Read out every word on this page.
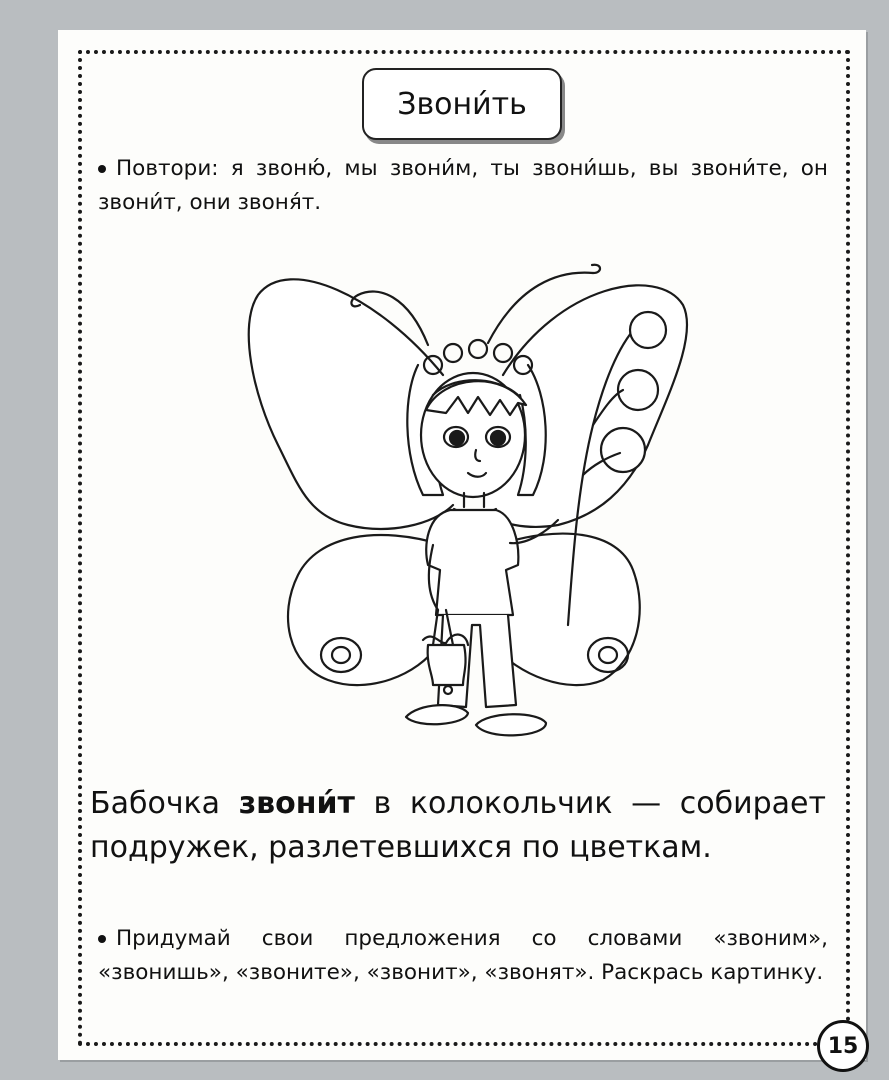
Звони́ть
Повтори: я звоню́, мы звони́м, ты звони́шь, вы звони́те, он звони́т, они звоня́т.
Бабочка звони́т в колокольчик — собирает подружек, разлетевшихся по цветкам.
Придумай свои предложения со словами «звоним», «звонишь», «звоните», «звонит», «звонят». Раскрась картинку.
15
